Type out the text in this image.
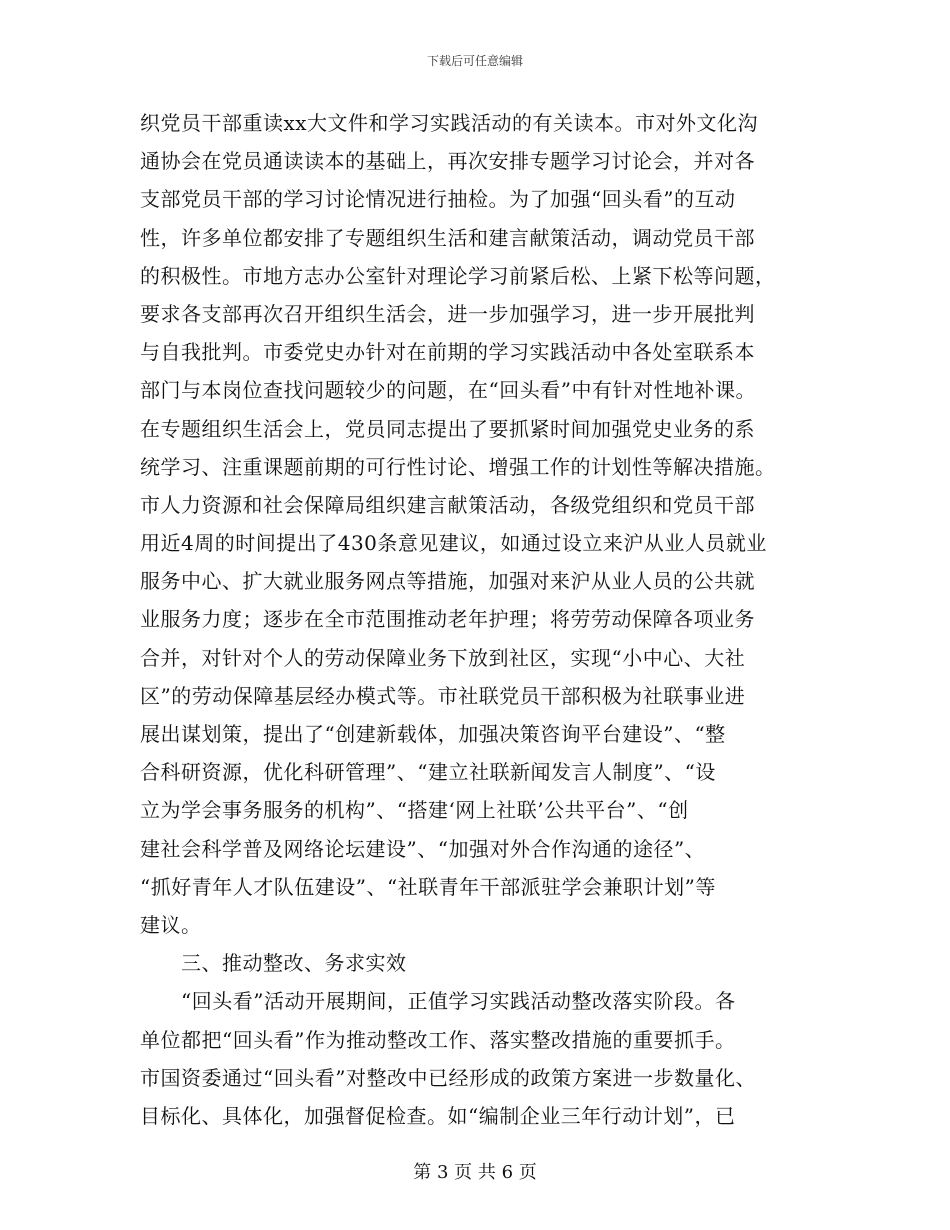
下载后可任意编辑
织党员干部重读xx大文件和学习实践活动的有关读本。市对外文化沟
通协会在党员通读读本的基础上，再次安排专题学习讨论会，并对各
支部党员干部的学习讨论情况进行抽检。为了加强“回头看”的互动
性，许多单位都安排了专题组织生活和建言献策活动，调动党员干部
的积极性。市地方志办公室针对理论学习前紧后松、上紧下松等问题，
要求各支部再次召开组织生活会，进一步加强学习，进一步开展批判
与自我批判。市委党史办针对在前期的学习实践活动中各处室联系本
部门与本岗位查找问题较少的问题，在“回头看”中有针对性地补课。
在专题组织生活会上，党员同志提出了要抓紧时间加强党史业务的系
统学习、注重课题前期的可行性讨论、增强工作的计划性等解决措施。
市人力资源和社会保障局组织建言献策活动，各级党组织和党员干部
用近4周的时间提出了430条意见建议，如通过设立来沪从业人员就业
服务中心、扩大就业服务网点等措施，加强对来沪从业人员的公共就
业服务力度；逐步在全市范围推动老年护理；将劳劳动保障各项业务
合并，对针对个人的劳动保障业务下放到社区，实现“小中心、大社
区”的劳动保障基层经办模式等。市社联党员干部积极为社联事业进
展出谋划策，提出了“创建新载体，加强决策咨询平台建设”、“整
合科研资源，优化科研管理”、“建立社联新闻发言人制度”、“设
立为学会事务服务的机构”、“搭建‘网上社联’公共平台”、“创
建社会科学普及网络论坛建设”、“加强对外合作沟通的途径”、
“抓好青年人才队伍建设”、“社联青年干部派驻学会兼职计划”等
建议。
三、推动整改、务求实效
“回头看”活动开展期间，正值学习实践活动整改落实阶段。各
单位都把“回头看”作为推动整改工作、落实整改措施的重要抓手。
市国资委通过“回头看”对整改中已经形成的政策方案进一步数量化、
目标化、具体化，加强督促检查。如“编制企业三年行动计划”，已
第 3 页 共 6 页
